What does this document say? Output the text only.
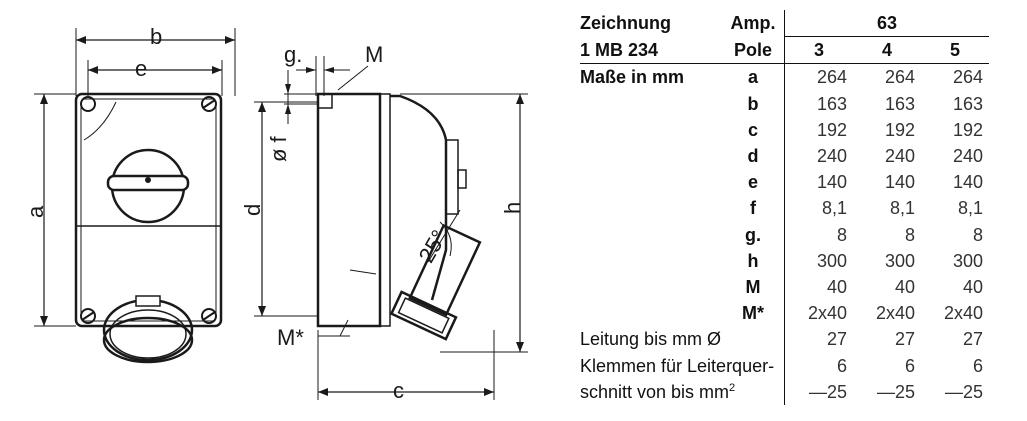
b
e
a
g.	M
ø f
d
25°
M*
h
c
Zeichnung	Amp.	63		
1 MB 234	Pole	3	4	5
Maße in mm	a	264	264	264
	b	163	163	163
	c	192	192	192
	d	240	240	240
	e	140	140	140
	f	8,1	8,1	8,1
	g.	8	8	8
	h	300	300	300
	M	40	40	40
	M*	2x40	2x40	2x40
Leitung bis mm Ø		27	27	27
Klemmen für Leiterquer-		6	6	6
schnitt von bis $mm^2$		—25	—25	—25
